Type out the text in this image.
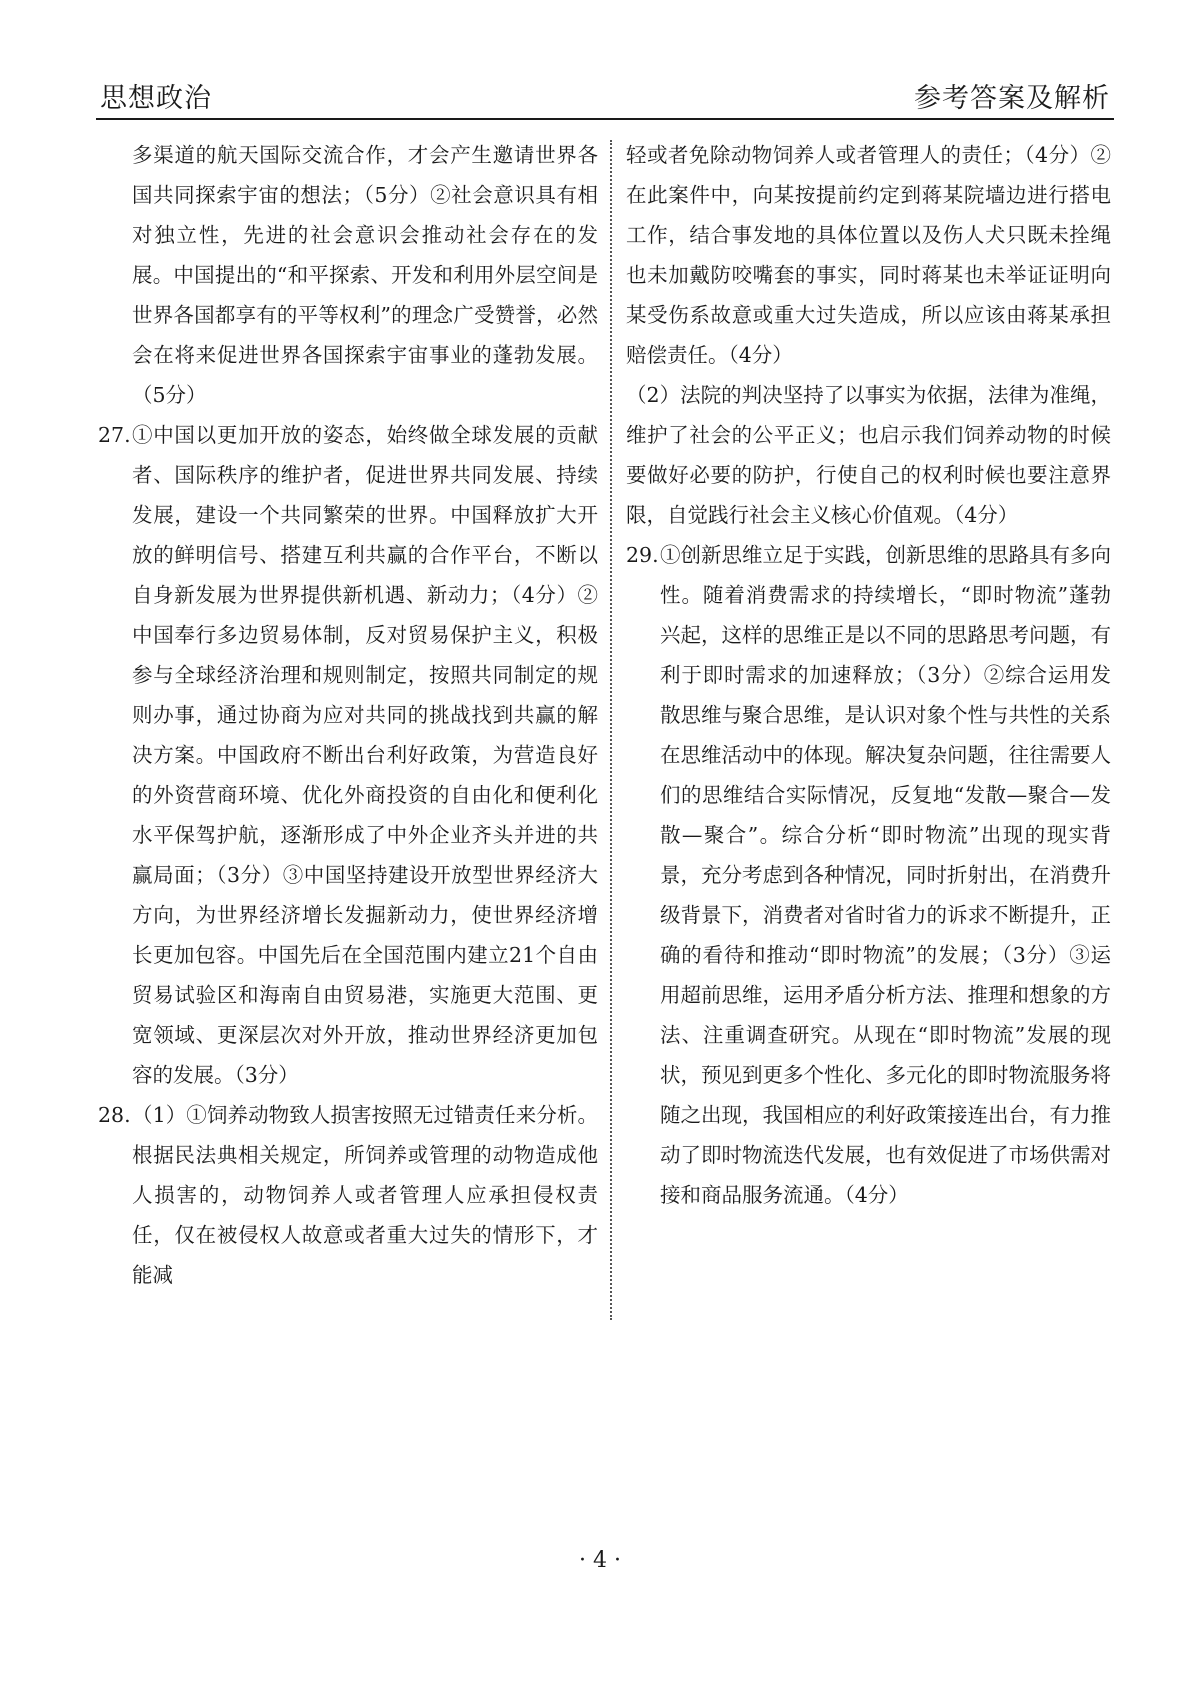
思想政治	参考答案及解析

多渠道的航天国际交流合作，才会产生邀请世界各国共同探索宇宙的想法；（5分）②社会意识具有相对独立性，先进的社会意识会推动社会存在的发展。中国提出的“和平探索、开发和利用外层空间是世界各国都享有的平等权利”的理念广受赞誉，必然会在将来促进世界各国探索宇宙事业的蓬勃发展。（5分）

27. ①中国以更加开放的姿态，始终做全球发展的贡献者、国际秩序的维护者，促进世界共同发展、持续发展，建设一个共同繁荣的世界。中国释放扩大开放的鲜明信号、搭建互利共赢的合作平台，不断以自身新发展为世界提供新机遇、新动力；（4分）②中国奉行多边贸易体制，反对贸易保护主义，积极参与全球经济治理和规则制定，按照共同制定的规则办事，通过协商为应对共同的挑战找到共赢的解决方案。中国政府不断出台利好政策，为营造良好的外资营商环境、优化外商投资的自由化和便利化水平保驾护航，逐渐形成了中外企业齐头并进的共赢局面；（3分）③中国坚持建设开放型世界经济大方向，为世界经济增长发掘新动力，使世界经济增长更加包容。中国先后在全国范围内建立21个自由贸易试验区和海南自由贸易港，实施更大范围、更宽领域、更深层次对外开放，推动世界经济更加包容的发展。（3分）
28. （1）①饲养动物致人损害按照无过错责任来分析。根据民法典相关规定，所饲养或管理的动物造成他人损害的，动物饲养人或者管理人应承担侵权责任，仅在被侵权人故意或者重大过失的情形下，才能减

轻或者免除动物饲养人或者管理人的责任；（4分）②在此案件中，向某按提前约定到蒋某院墙边进行搭电工作，结合事发地的具体位置以及伤人犬只既未拴绳也未加戴防咬嘴套的事实，同时蒋某也未举证证明向某受伤系故意或重大过失造成，所以应该由蒋某承担赔偿责任。（4分）

（2）法院的判决坚持了以事实为依据，法律为准绳，维护了社会的公平正义；也启示我们饲养动物的时候要做好必要的防护，行使自己的权利时候也要注意界限，自觉践行社会主义核心价值观。（4分）

29. ①创新思维立足于实践，创新思维的思路具有多向性。随着消费需求的持续增长，“即时物流”蓬勃兴起，这样的思维正是以不同的思路思考问题，有利于即时需求的加速释放；（3分）②综合运用发散思维与聚合思维，是认识对象个性与共性的关系在思维活动中的体现。解决复杂问题，往往需要人们的思维结合实际情况，反复地“发散—聚合—发散—聚合”。综合分析“即时物流”出现的现实背景，充分考虑到各种情况，同时折射出，在消费升级背景下，消费者对省时省力的诉求不断提升，正确的看待和推动“即时物流”的发展；（3分）③运用超前思维，运用矛盾分析方法、推理和想象的方法、注重调查研究。从现在“即时物流”发展的现状，预见到更多个性化、多元化的即时物流服务将随之出现，我国相应的利好政策接连出台，有力推动了即时物流迭代发展，也有效促进了市场供需对接和商品服务流通。（4分）
· 4 ·
